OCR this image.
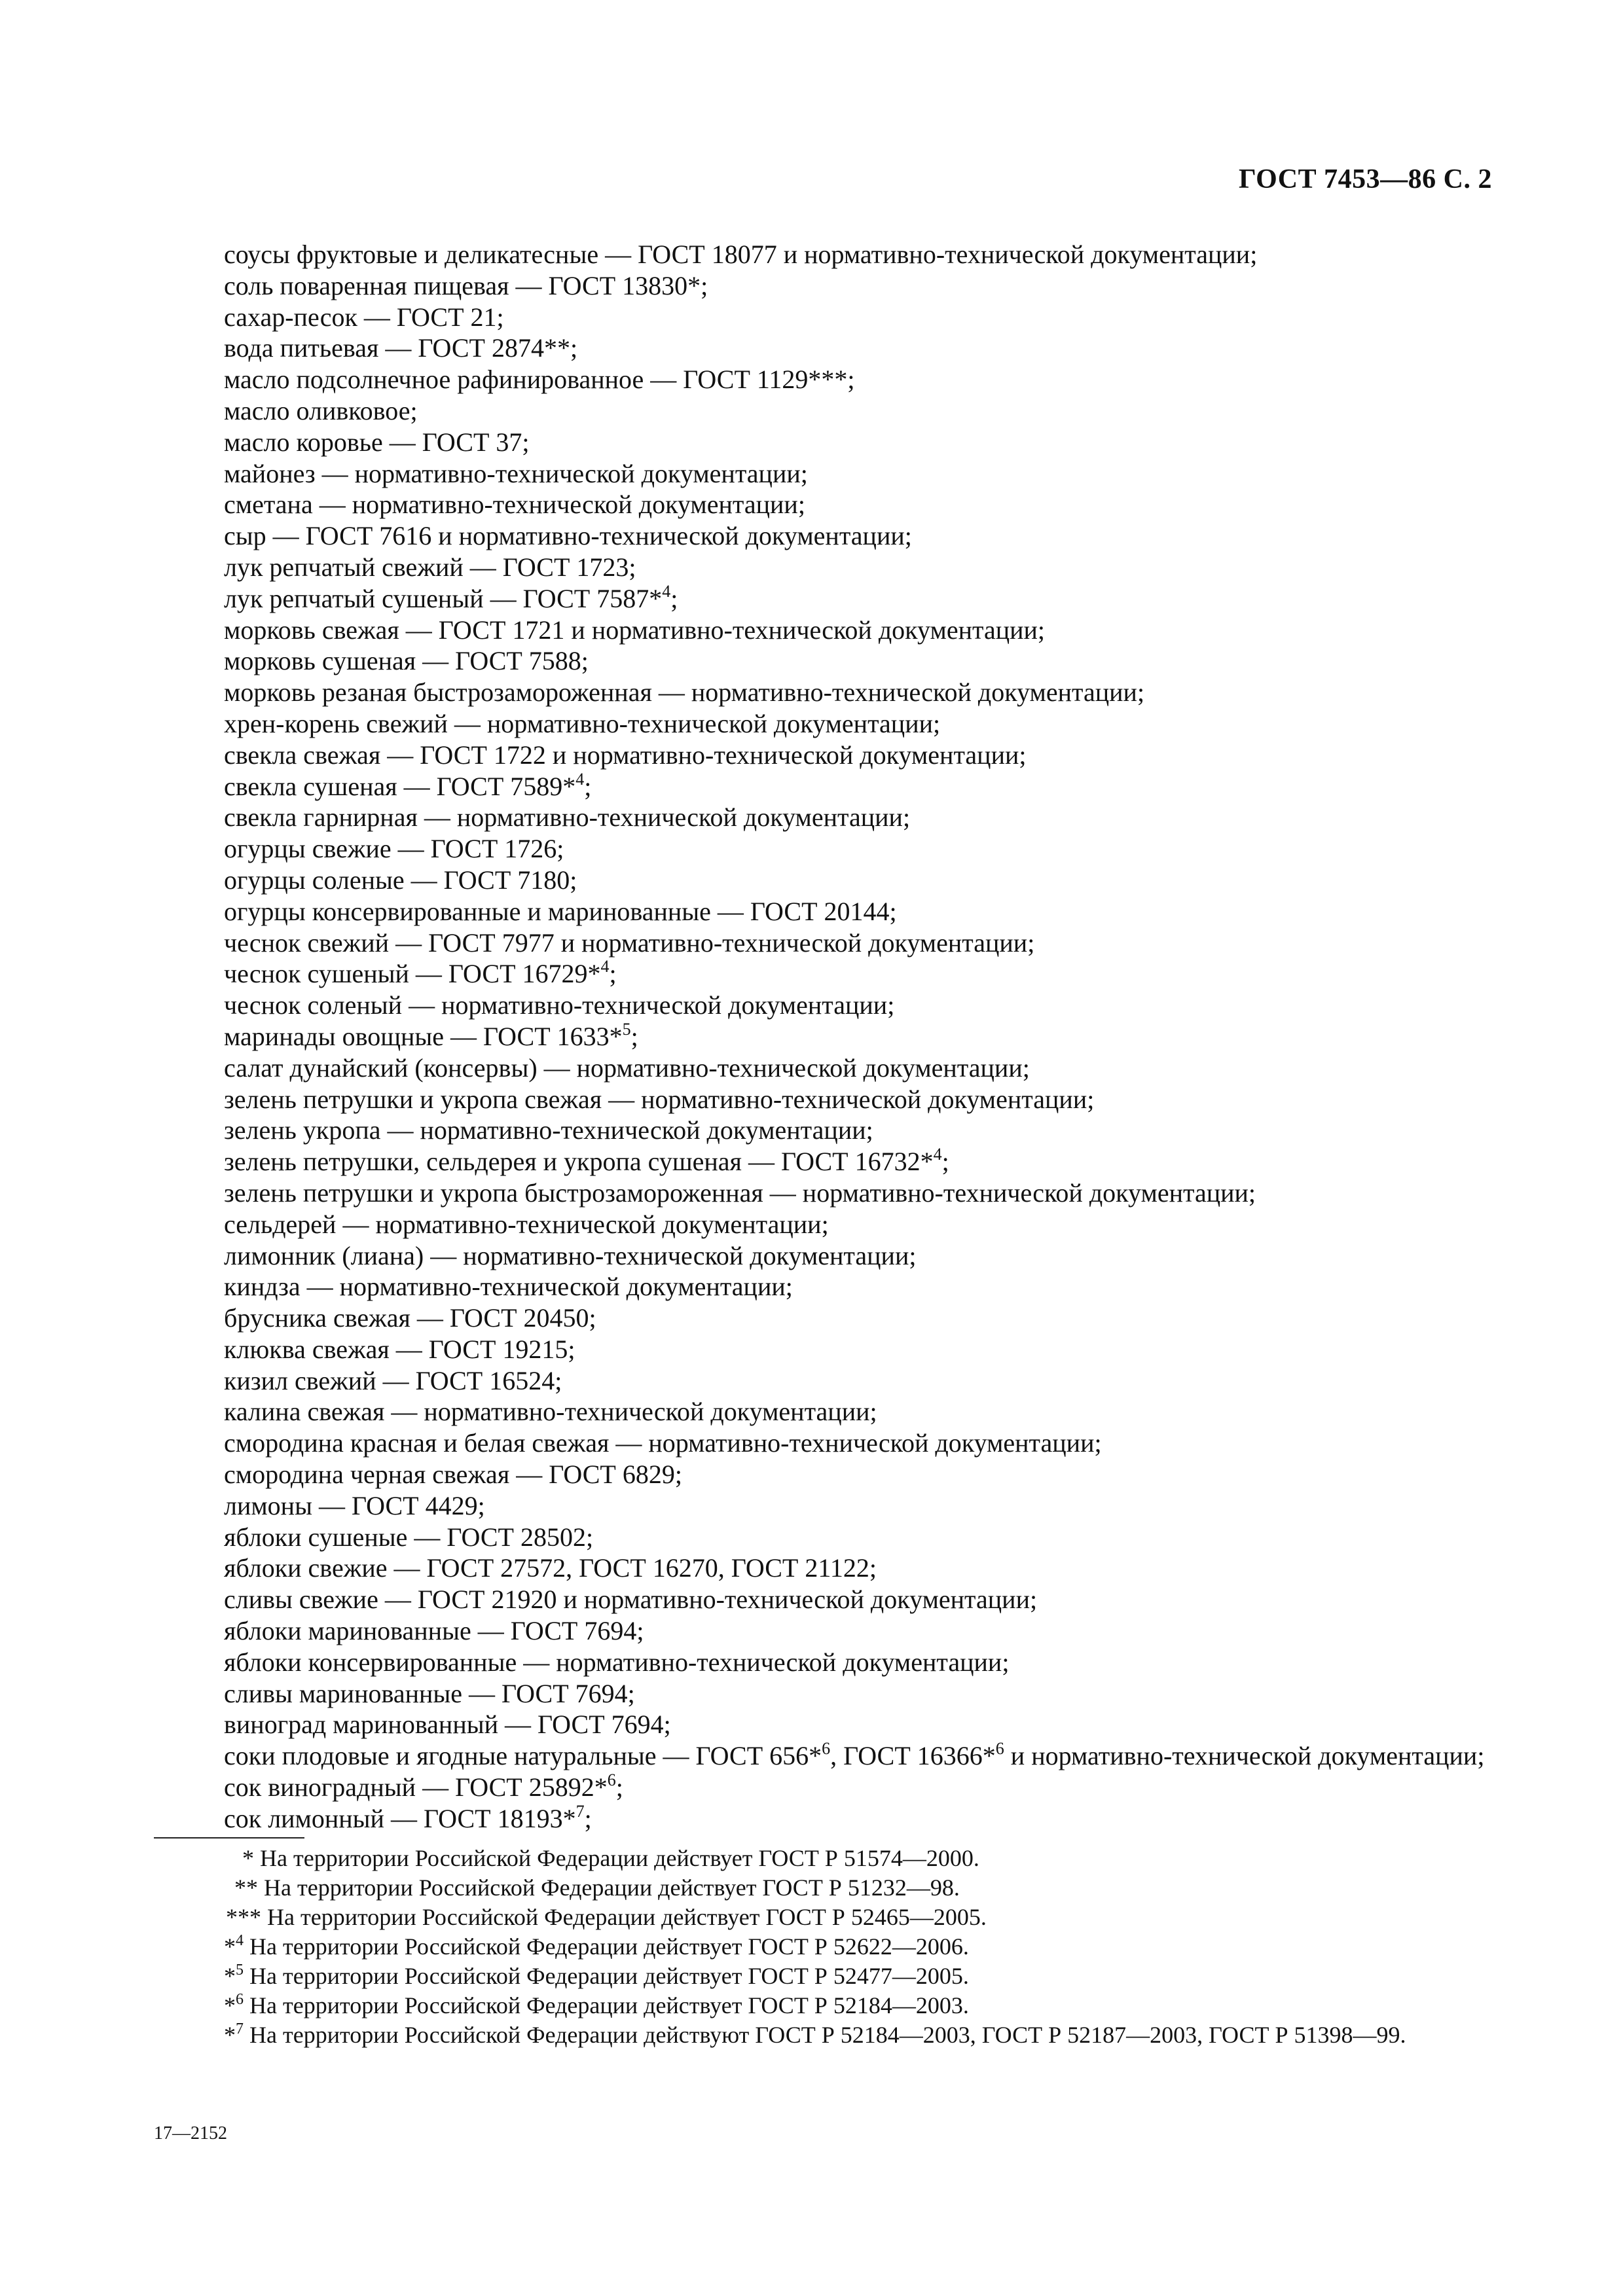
ГОСТ 7453—86 С. 2
соусы фруктовые и деликатесные — ГОСТ 18077 и нормативно-технической документации;
соль поваренная пищевая — ГОСТ 13830*;
сахар-песок — ГОСТ 21;
вода питьевая — ГОСТ 2874**;
масло подсолнечное рафинированное — ГОСТ 1129***;
масло оливковое;
масло коровье — ГОСТ 37;
майонез — нормативно-технической документации;
сметана — нормативно-технической документации;
сыр — ГОСТ 7616 и нормативно-технической документации;
лук репчатый свежий — ГОСТ 1723;
лук репчатый сушеный — ГОСТ 7587*$^4$;
морковь свежая — ГОСТ 1721 и нормативно-технической документации;
морковь сушеная — ГОСТ 7588;
морковь резаная быстрозамороженная — нормативно-технической документации;
хрен-корень свежий — нормативно-технической документации;
свекла свежая — ГОСТ 1722 и нормативно-технической документации;
свекла сушеная — ГОСТ 7589*$^4$;
свекла гарнирная — нормативно-технической документации;
огурцы свежие — ГОСТ 1726;
огурцы соленые — ГОСТ 7180;
огурцы консервированные и маринованные — ГОСТ 20144;
чеснок свежий — ГОСТ 7977 и нормативно-технической документации;
чеснок сушеный — ГОСТ 16729*$^4$;
чеснок соленый — нормативно-технической документации;
маринады овощные — ГОСТ 1633*$^5$;
салат дунайский (консервы) — нормативно-технической документации;
зелень петрушки и укропа свежая — нормативно-технической документации;
зелень укропа — нормативно-технической документации;
зелень петрушки, сельдерея и укропа сушеная — ГОСТ 16732*$^4$;
зелень петрушки и укропа быстрозамороженная — нормативно-технической документации;
сельдерей — нормативно-технической документации;
лимонник (лиана) — нормативно-технической документации;
киндза — нормативно-технической документации;
брусника свежая — ГОСТ 20450;
клюква свежая — ГОСТ 19215;
кизил свежий — ГОСТ 16524;
калина свежая — нормативно-технической документации;
смородина красная и белая свежая — нормативно-технической документации;
смородина черная свежая — ГОСТ 6829;
лимоны — ГОСТ 4429;
яблоки сушеные — ГОСТ 28502;
яблоки свежие — ГОСТ 27572, ГОСТ 16270, ГОСТ 21122;
сливы свежие — ГОСТ 21920 и нормативно-технической документации;
яблоки маринованные — ГОСТ 7694;
яблоки консервированные — нормативно-технической документации;
сливы маринованные — ГОСТ 7694;
виноград маринованный — ГОСТ 7694;
соки плодовые и ягодные натуральные — ГОСТ 656*$^6$, ГОСТ 16366*$^6$ и нормативно-технической документации;
сок виноградный — ГОСТ 25892*$^6$;
сок лимонный — ГОСТ 18193*$^7$;
* На территории Российской Федерации действует ГОСТ Р 51574—2000.
** На территории Российской Федерации действует ГОСТ Р 51232—98.
*** На территории Российской Федерации действует ГОСТ Р 52465—2005.
*$^4$ На территории Российской Федерации действует ГОСТ Р 52622—2006.
*$^5$ На территории Российской Федерации действует ГОСТ Р 52477—2005.
*$^6$ На территории Российской Федерации действует ГОСТ Р 52184—2003.
*$^7$ На территории Российской Федерации действуют ГОСТ Р 52184—2003, ГОСТ Р 52187—2003, ГОСТ Р 51398—99.
17—2152
